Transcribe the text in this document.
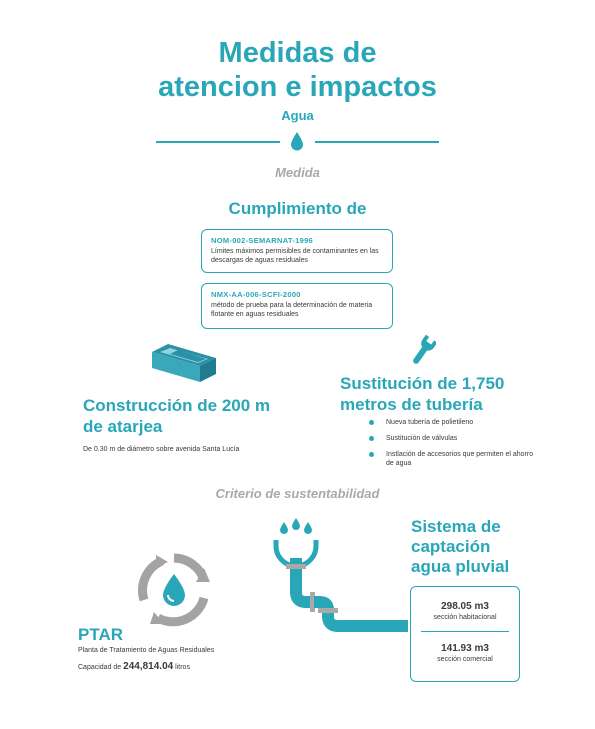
Medidas de
atencion e impactos
Agua
Medida
Cumplimiento de
NOM-002-SEMARNAT-1996
Límites máximos permisibles de contaminantes en las descargas de aguas residuales
NMX-AA-006-SCFI-2000
método de prueba para la determinación de materia flotante en aguas residuales
Construcción de 200 m
de atarjea
De 0.30 m de diámetro sobre avenida Santa Lucía
Sustitución de 1,750
metros de tubería
Nueva tubería de polietileno
Sustitución de válvulas
Instlación de accesorios que permiten el ahorro de agua
Criterio de sustentabilidad
PTAR
Planta de Tratamiento de Aguas Residuales
Capacidad de 244,814.04 litros
Sistema de
captación
agua pluvial
298.05 m3
sección habitacional
141.93 m3
sección comercial
